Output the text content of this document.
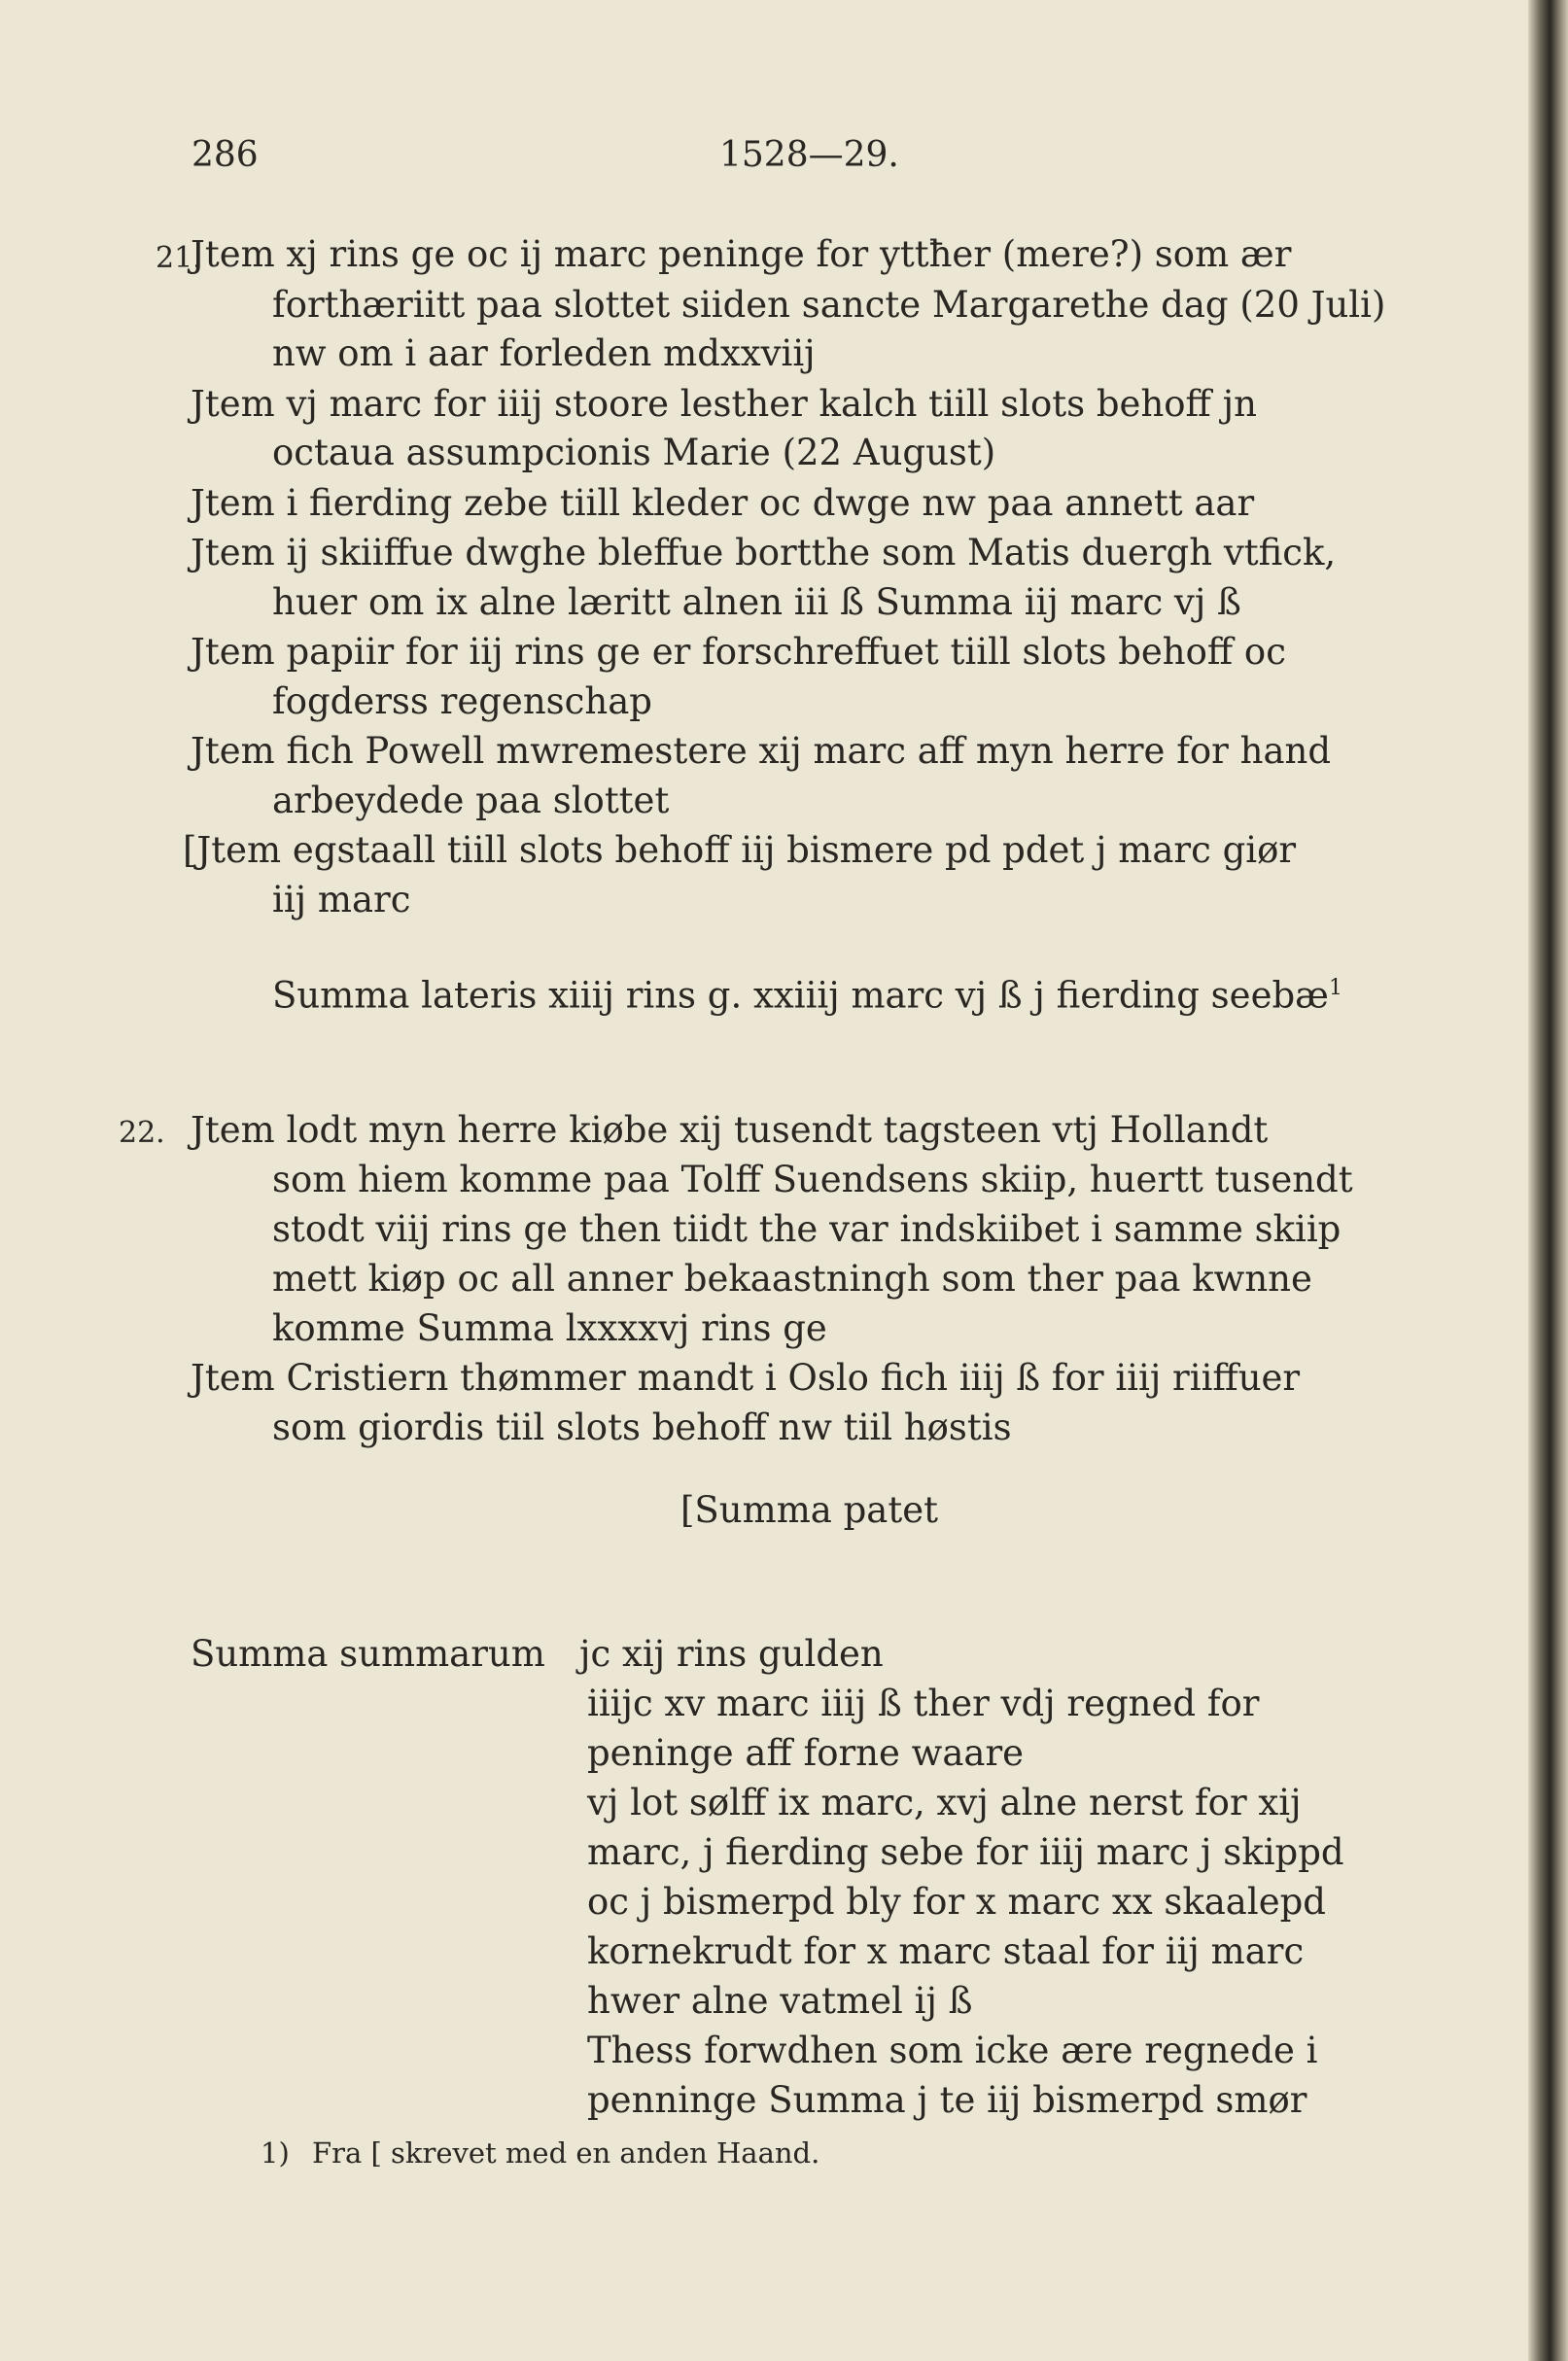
286	1528—29.
21.
Jtem xj rins ge oc ij marc peninge for yttħer (mere?) som ær
forthæriitt paa slottet siiden sancte Margarethe dag (20 Juli)
nw om i aar forleden mdxxviij
Jtem vj marc for iiij stoore lesther kalch tiill slots behoff jn
octaua assumpcionis Marie (22 August)
Jtem i fierding zebe tiill kleder oc dwge nw paa annett aar
Jtem ij skiiffue dwghe bleffue bortthe som Matis duergh vtfick,
huer om ix alne læritt alnen iii ß Summa iij marc vj ß
Jtem papiir for iij rins ge er forschreffuet tiill slots behoff oc
fogderss regenschap
Jtem fich Powell mwremestere xij marc aff myn herre for hand
arbeydede paa slottet
[Jtem egstaall tiill slots behoff iij bismere pd pdet j marc giør
iij marc
Summa lateris xiiij rins g. xxiiij marc vj ß j fierding seebæ$^1$
22. Jtem lodt myn herre kiøbe xij tusendt tagsteen vtj Hollandt
som hiem komme paa Tolff Suendsens skiip, huertt tusendt
stodt viij rins ge then tiidt the var indskiibet i samme skiip
mett kiøp oc all anner bekaastningh som ther paa kwnne
komme Summa lxxxxvj rins ge
Jtem Cristiern thømmer mandt i Oslo fich iiij ß for iiij riiffuer
som giordis tiil slots behoff nw tiil høstis
[Summa patet
Summa summarum jc xij rins gulden
iiijc xv marc iiij ß ther vdj regned for
peninge aff forne waare
vj lot sølff ix marc, xvj alne nerst for xij
marc, j fierding sebe for iiij marc j skippd
oc j bismerpd bly for x marc xx skaalepd
kornekrudt for x marc staal for iij marc
hwer alne vatmel ij ß
Thess forwdhen som icke ære regnede i
penninge Summa j te iij bismerpd smør
1) Fra [ skrevet med en anden Haand.
